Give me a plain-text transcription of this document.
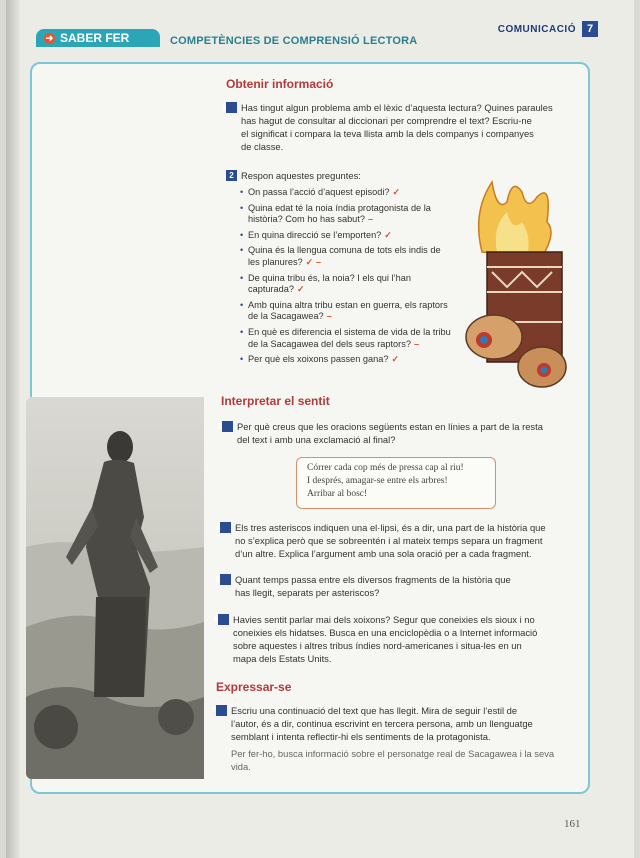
COMUNICACIÓ 7
➜ SABER FER	COMPETÈNCIES DE COMPRENSIÓ LECTORA
Obtenir informació
1 Has tingut algun problema amb el lèxic d’aquesta lectura? Quines paraules
has hagut de consultar al diccionari per comprendre el text? Escriu-ne
el significat i compara la teva llista amb la dels companys i companyes
de classe.
2 Respon aquestes preguntes:
• On passa l’acció d’aquest episodi? ✓
• Quina edat té la noia índia protagonista de la història? Com ho has sabut? –
• En quina direcció se l’emporten? ✓
• Quina és la llengua comuna de tots els indis de les planures? ✓ –
• De quina tribu és, la noia? I els qui l’han capturada? ✓
• Amb quina altra tribu estan en guerra, els raptors de la Sacagawea? –
• En què es diferencia el sistema de vida de la tribu de la Sacagawea del dels seus raptors? –
• Per què els xoixons passen gana? ✓
Interpretar el sentit
3 Per què creus que les oracions següents estan en línies a part de la resta
del text i amb una exclamació al final?
Córrer cada cop més de pressa cap al riu!
I després, amagar-se entre els arbres!
Arribar al bosc!
4 Els tres asteriscos indiquen una el·lipsi, és a dir, una part de la història que
no s’explica però que se sobreentén i al mateix temps separa un fragment
d’un altre. Explica l’argument amb una sola oració per a cada fragment.
5 Quant temps passa entre els diversos fragments de la història que
has llegit, separats per asteriscos?
6 Havies sentit parlar mai dels xoixons? Segur que coneixies els sioux i no
coneixies els hidatses. Busca en una enciclopèdia o a Internet informació
sobre aquestes i altres tribus índies nord-americanes i situa-les en un
mapa dels Estats Units.
Expressar-se
7 Escriu una continuació del text que has llegit. Mira de seguir l’estil de
l’autor, és a dir, continua escrivint en tercera persona, amb un llenguatge
semblant i intenta reflectir-hi els sentiments de la protagonista.
Per fer-ho, busca informació sobre el personatge real de Sacagawea i la seva
vida.
161
